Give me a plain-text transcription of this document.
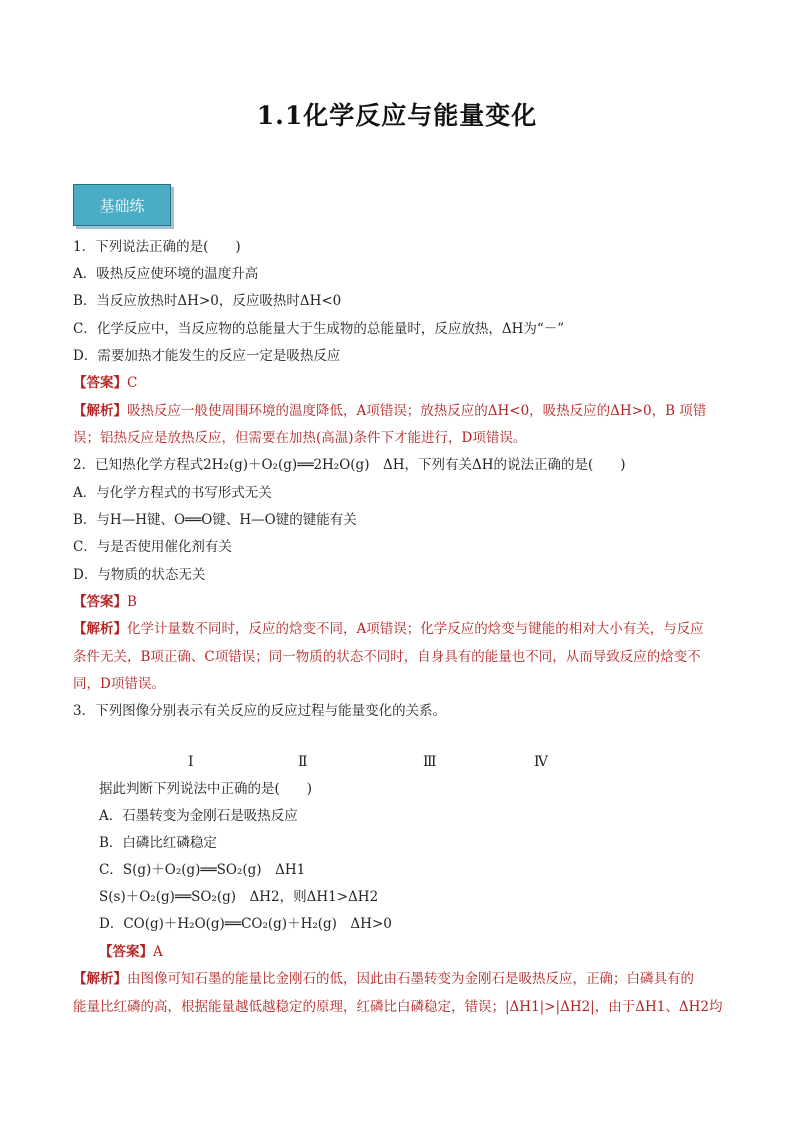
1.1化学反应与能量变化
基础练
1．下列说法正确的是(　　)
A．吸热反应使环境的温度升高
B．当反应放热时ΔH>0，反应吸热时ΔH<0
C．化学反应中，当反应物的总能量大于生成物的总能量时，反应放热，ΔH为“－”
D．需要加热才能发生的反应一定是吸热反应
【答案】C
【解析】吸热反应一般使周围环境的温度降低，A项错误；放热反应的ΔH<0，吸热反应的ΔH>0，B 项错
误；铝热反应是放热反应，但需要在加热(高温)条件下才能进行，D项错误。
2．已知热化学方程式2H₂(g)＋O₂(g)══2H₂O(g)　ΔH，下列有关ΔH的说法正确的是(　　)
A．与化学方程式的书写形式无关
B．与H—H键、O══O键、H—O键的键能有关
C．与是否使用催化剂有关
D．与物质的状态无关
【答案】B
【解析】化学计量数不同时，反应的焓变不同，A项错误；化学反应的焓变与键能的相对大小有关，与反应
条件无关，B项正确、C项错误；同一物质的状态不同时，自身具有的能量也不同，从而导致反应的焓变不
同，D项错误。
3．下列图像分别表示有关反应的反应过程与能量变化的关系。
Ⅰ	Ⅱ	Ⅲ	Ⅳ
据此判断下列说法中正确的是(　　)
A．石墨转变为金刚石是吸热反应
B．白磷比红磷稳定
C．S(g)＋O₂(g)══SO₂(g)　ΔH1
S(s)＋O₂(g)══SO₂(g)　ΔH2，则ΔH1>ΔH2
D．CO(g)＋H₂O(g)══CO₂(g)＋H₂(g)　ΔH>0
【答案】A
【解析】由图像可知石墨的能量比金刚石的低，因此由石墨转变为金刚石是吸热反应，正确；白磷具有的
能量比红磷的高，根据能量越低越稳定的原理，红磷比白磷稳定，错误；|ΔH1|>|ΔH2|，由于ΔH1、ΔH2均
